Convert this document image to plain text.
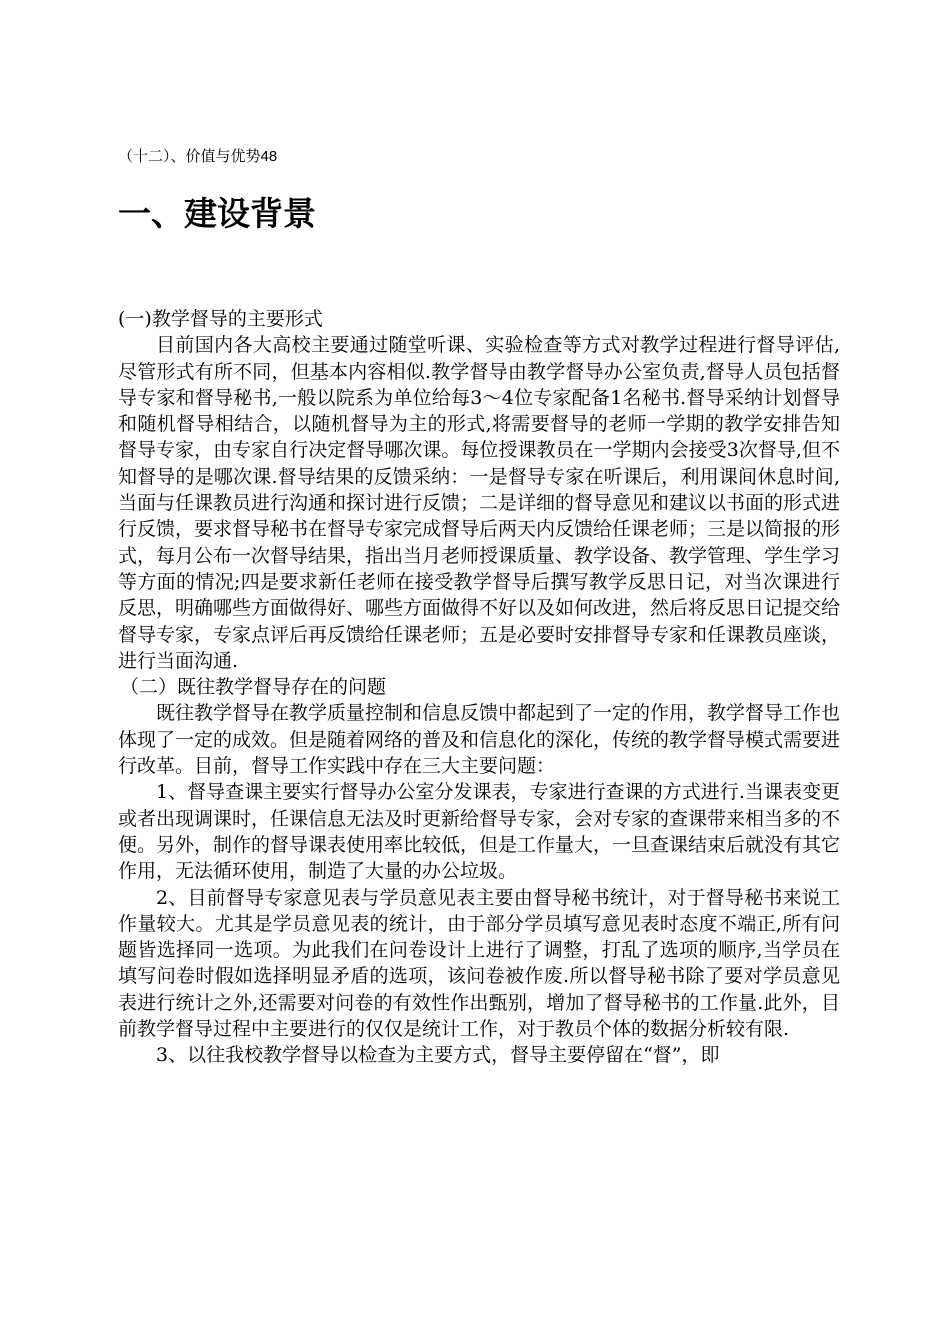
（十二）、价值与优势48
一、建设背景
(一)教学督导的主要形式

目前国内各大高校主要通过随堂听课、实验检查等方式对教学过程进行督导评估,尽管形式有所不同，但基本内容相似.教学督导由教学督导办公室负责,督导人员包括督导专家和督导秘书,一般以院系为单位给每3～4位专家配备1名秘书.督导采纳计划督导和随机督导相结合，以随机督导为主的形式,将需要督导的老师一学期的教学安排告知督导专家，由专家自行决定督导哪次课。每位授课教员在一学期内会接受3次督导,但不知督导的是哪次课.督导结果的反馈采纳：一是督导专家在听课后，利用课间休息时间,当面与任课教员进行沟通和探讨进行反馈；二是详细的督导意见和建议以书面的形式进行反馈，要求督导秘书在督导专家完成督导后两天内反馈给任课老师；三是以简报的形式，每月公布一次督导结果，指出当月老师授课质量、教学设备、教学管理、学生学习等方面的情况;四是要求新任老师在接受教学督导后撰写教学反思日记，对当次课进行反思，明确哪些方面做得好、哪些方面做得不好以及如何改进，然后将反思日记提交给督导专家，专家点评后再反馈给任课老师；五是必要时安排督导专家和任课教员座谈，进行当面沟通.

（二）既往教学督导存在的问题

既往教学督导在教学质量控制和信息反馈中都起到了一定的作用，教学督导工作也体现了一定的成效。但是随着网络的普及和信息化的深化，传统的教学督导模式需要进行改革。目前，督导工作实践中存在三大主要问题：

1、督导查课主要实行督导办公室分发课表，专家进行查课的方式进行.当课表变更或者出现调课时，任课信息无法及时更新给督导专家，会对专家的查课带来相当多的不便。另外，制作的督导课表使用率比较低，但是工作量大，一旦查课结束后就没有其它作用，无法循环使用，制造了大量的办公垃圾。

2、目前督导专家意见表与学员意见表主要由督导秘书统计，对于督导秘书来说工作量较大。尤其是学员意见表的统计，由于部分学员填写意见表时态度不端正,所有问题皆选择同一选项。为此我们在问卷设计上进行了调整，打乱了选项的顺序,当学员在填写问卷时假如选择明显矛盾的选项，该问卷被作废.所以督导秘书除了要对学员意见表进行统计之外,还需要对问卷的有效性作出甄别，增加了督导秘书的工作量.此外，目前教学督导过程中主要进行的仅仅是统计工作，对于教员个体的数据分析较有限.

3、以往我校教学督导以检查为主要方式，督导主要停留在“督”，即
